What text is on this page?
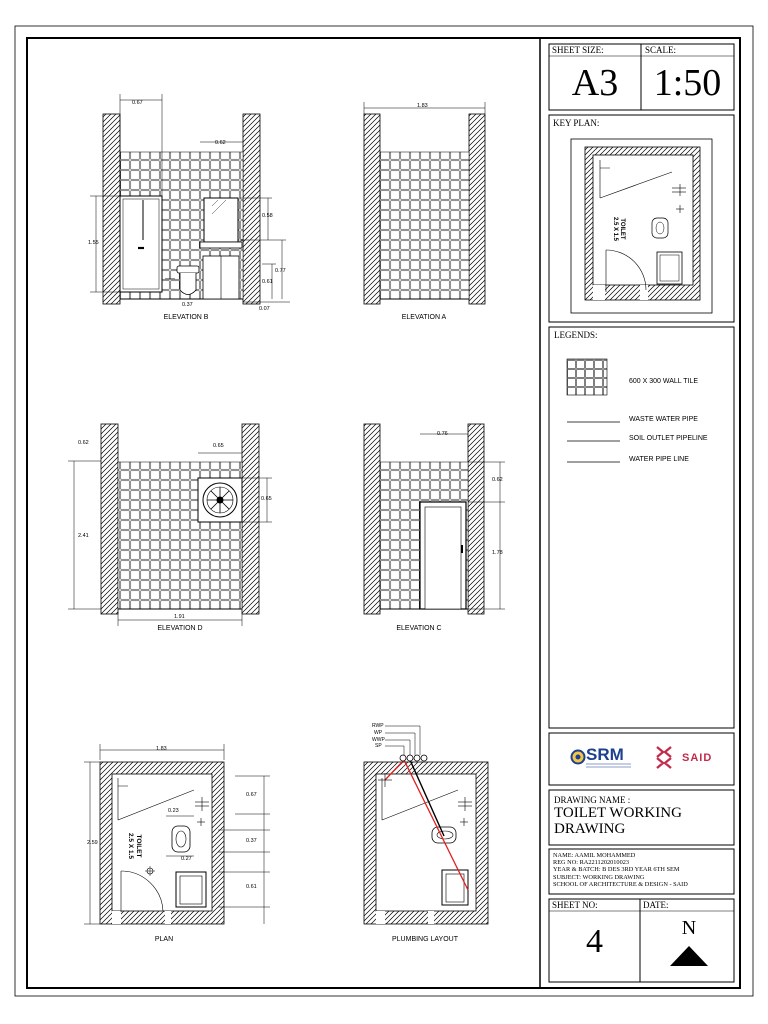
SHEET SIZE:	SCALE:
A3 1:50
KEY PLAN:
TOILET
2.5 X 1.5
LEGENDS:
600 X 300 WALL TILE
WASTE WATER PIPE
SOIL OUTLET PIPELINE
WATER PIPE LINE
SRM	SAID
DRAWING NAME :
TOILET WORKING
DRAWING
NAME: AAMIL MOHAMMED
REG NO: RA2211202010023
YEAR & BATCH: B DES 3RD YEAR 6TH SEM
SUBJECT: WORKING DRAWING
SCHOOL OF ARCHITECTURE & DESIGN - SAID
SHEET NO:	DATE:
4	N
ELEVATION B	ELEVATION A
ELEVATION D	ELEVATION C
PLAN	PLUMBING LAYOUT
0.67
0.62
0.58
1.55
0.77
0.61
0.37
0.07
1.83
0.62	0.65
0.65
2.41
1.91
0.76
0.62
1.78
1.83
2.59
0.67
0.23
0.37
0.27
0.61
TOILET
2.5 X 1.5
RWP
WP
WWP
SP
